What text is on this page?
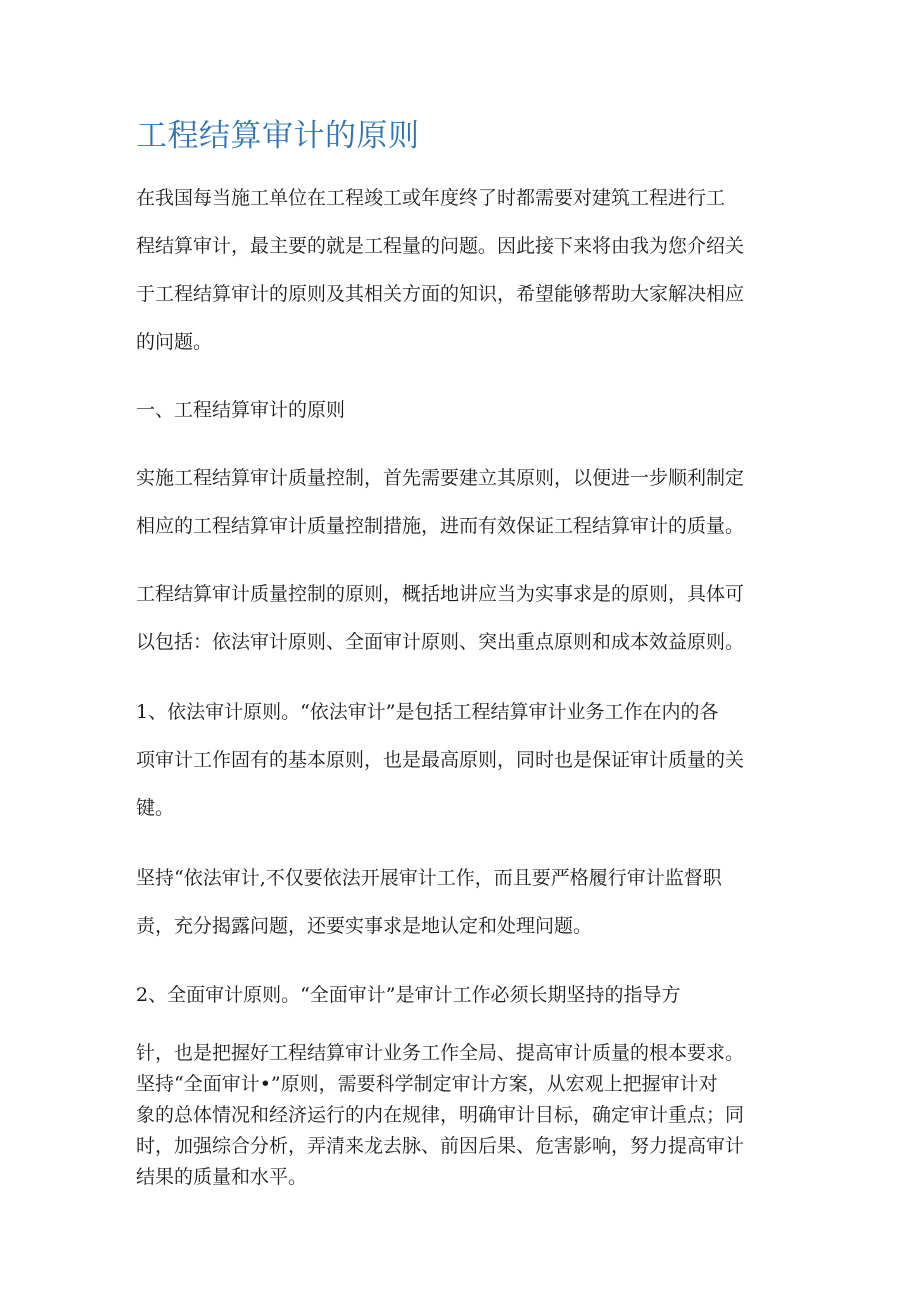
工程结算审计的原则

在我国每当施工单位在工程竣工或年度终了时都需要对建筑工程进行工
程结算审计，最主要的就是工程量的问题。因此接下来将由我为您介绍关
于工程结算审计的原则及其相关方面的知识，希望能够帮助大家解决相应
的问题。

一、工程结算审计的原则

实施工程结算审计质量控制，首先需要建立其原则，以便进一步顺利制定
相应的工程结算审计质量控制措施，进而有效保证工程结算审计的质量。

工程结算审计质量控制的原则，概括地讲应当为实事求是的原则，具体可
以包括：依法审计原则、全面审计原则、突出重点原则和成本效益原则。

1、依法审计原则。“依法审计”是包括工程结算审计业务工作在内的各
项审计工作固有的基本原则，也是最高原则，同时也是保证审计质量的关
键。

坚持“依法审计,不仅要依法开展审计工作，而且要严格履行审计监督职
责，充分揭露问题，还要实事求是地认定和处理问题。

2、全面审计原则。“全面审计”是审计工作必须长期坚持的指导方

针，也是把握好工程结算审计业务工作全局、提高审计质量的根本要求。
坚持“全面审计•”原则，需要科学制定审计方案，从宏观上把握审计对
象的总体情况和经济运行的内在规律，明确审计目标，确定审计重点；同
时，加强综合分析，弄清来龙去脉、前因后果、危害影响，努力提高审计
结果的质量和水平。
